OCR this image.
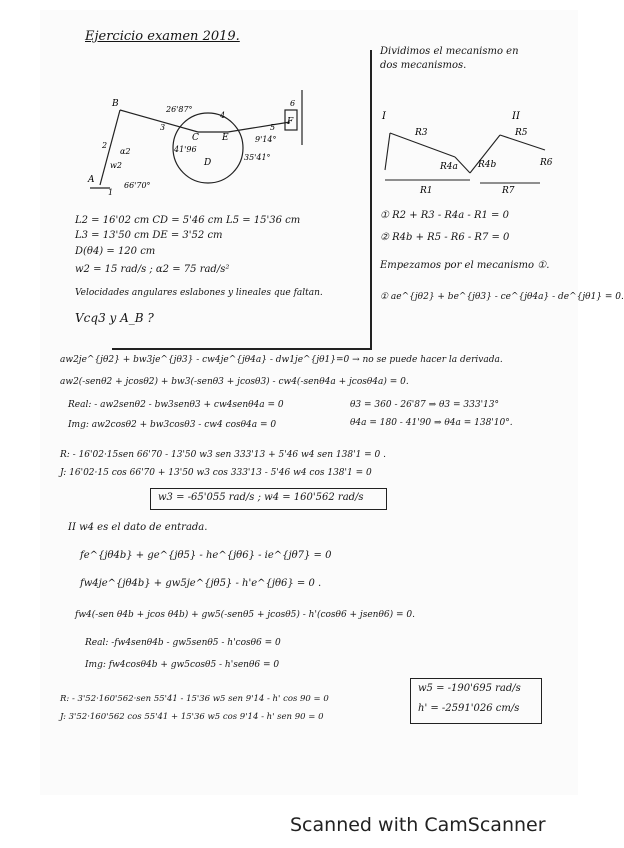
Ejercicio examen 2019.
A
B
C
D
E
F
1
2
3
4
5
6
w2
α2
26'87°
41'96
9'14°
35'41°
66'70°
L2 = 16'02 cm CD = 5'46 cm L5 = 15'36 cm
L3 = 13'50 cm DE = 3'52 cm
D(θ4) = 120 cm
w2 = 15 rad/s ; α2 = 75 rad/s²
Velocidades angulares eslabones y lineales que faltan.
Vcq3 y A_B ?
Dividimos el mecanismo en
dos mecanismos.
I	II
R1
R3
R4a R4b
R5
R6
R7
① R2 + R3 - R4a - R1 = 0
② R4b + R5 - R6 - R7 = 0
Empezamos por el mecanismo ①.
① ae^{jθ2} + be^{jθ3} - ce^{jθ4a} - de^{jθ1} = 0.
aw2je^{jθ2} + bw3je^{jθ3} - cw4je^{jθ4a} - dw1je^{jθ1}=0 → no se puede hacer la derivada.
aw2(-senθ2 + jcosθ2) + bw3(-senθ3 + jcosθ3) - cw4(-senθ4a + jcosθ4a) = 0.
Real: - aw2senθ2 - bw3senθ3 + cw4senθ4a = 0
Img: aw2cosθ2 + bw3cosθ3 - cw4 cosθ4a = 0
θ3 = 360 - 26'87 ⇒ θ3 = 333'13°
θ4a = 180 - 41'90 ⇒ θ4a = 138'10°.
R: - 16'02·15sen 66'70 - 13'50 w3 sen 333'13 + 5'46 w4 sen 138'1 = 0 .
J: 16'02·15 cos 66'70 + 13'50 w3 cos 333'13 - 5'46 w4 cos 138'1 = 0
w3 = -65'055 rad/s ; w4 = 160'562 rad/s
II w4 es el dato de entrada.
fe^{jθ4b} + ge^{jθ5} - he^{jθ6} - ie^{jθ7} = 0
fw4je^{jθ4b} + gw5je^{jθ5} - h'e^{jθ6} = 0 .
fw4(-sen θ4b + jcos θ4b) + gw5(-senθ5 + jcosθ5) - h'(cosθ6 + jsenθ6) = 0.
Real: -fw4senθ4b - gw5senθ5 - h'cosθ6 = 0
Img: fw4cosθ4b + gw5cosθ5 - h'senθ6 = 0
R: - 3'52·160'562·sen 55'41 - 15'36 w5 sen 9'14 - h' cos 90 = 0
J: 3'52·160'562 cos 55'41 + 15'36 w5 cos 9'14 - h' sen 90 = 0
w5 = -190'695 rad/s
h' = -2591'026 cm/s
Scanned with CamScanner
